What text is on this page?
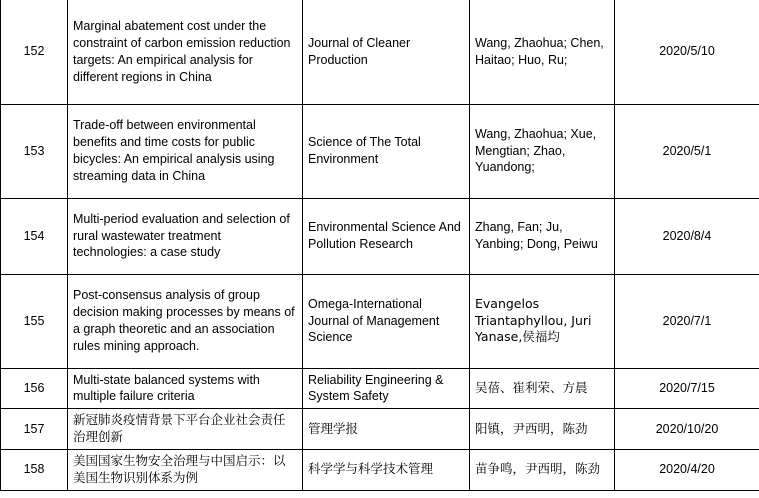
152	Marginal abatement cost under the constraint of carbon emission reduction targets: An empirical analysis for different regions in China	Journal of Cleaner Production	Wang, Zhaohua; Chen, Haitao; Huo, Ru;	2020/5/10
153	Trade-off between environmental benefits and time costs for public bicycles: An empirical analysis using streaming data in China	Science of The Total Environment	Wang, Zhaohua; Xue, Mengtian; Zhao, Yuandong;	2020/5/1
154	Multi-period evaluation and selection of rural wastewater treatment technologies: a case study	Environmental Science And Pollution Research	Zhang, Fan; Ju, Yanbing; Dong, Peiwu	2020/8/4
155	Post-consensus analysis of group decision making processes by means of a graph theoretic and an association rules mining approach.	Omega-International Journal of Management Science	Evangelos Triantaphyllou, Juri Yanase,侯福均	2020/7/1
156	Multi-state balanced systems with multiple failure criteria	Reliability Engineering & System Safety	吴蓓、崔利荣、方晨	2020/7/15
157	新冠肺炎疫情背景下平台企业社会责任治理创新	管理学报	阳镇，尹西明，陈劲	2020/10/20
158	美国国家生物安全治理与中国启示：以美国生物识别体系为例	科学学与科学技术管理	苗争鸣，尹西明，陈劲	2020/4/20
